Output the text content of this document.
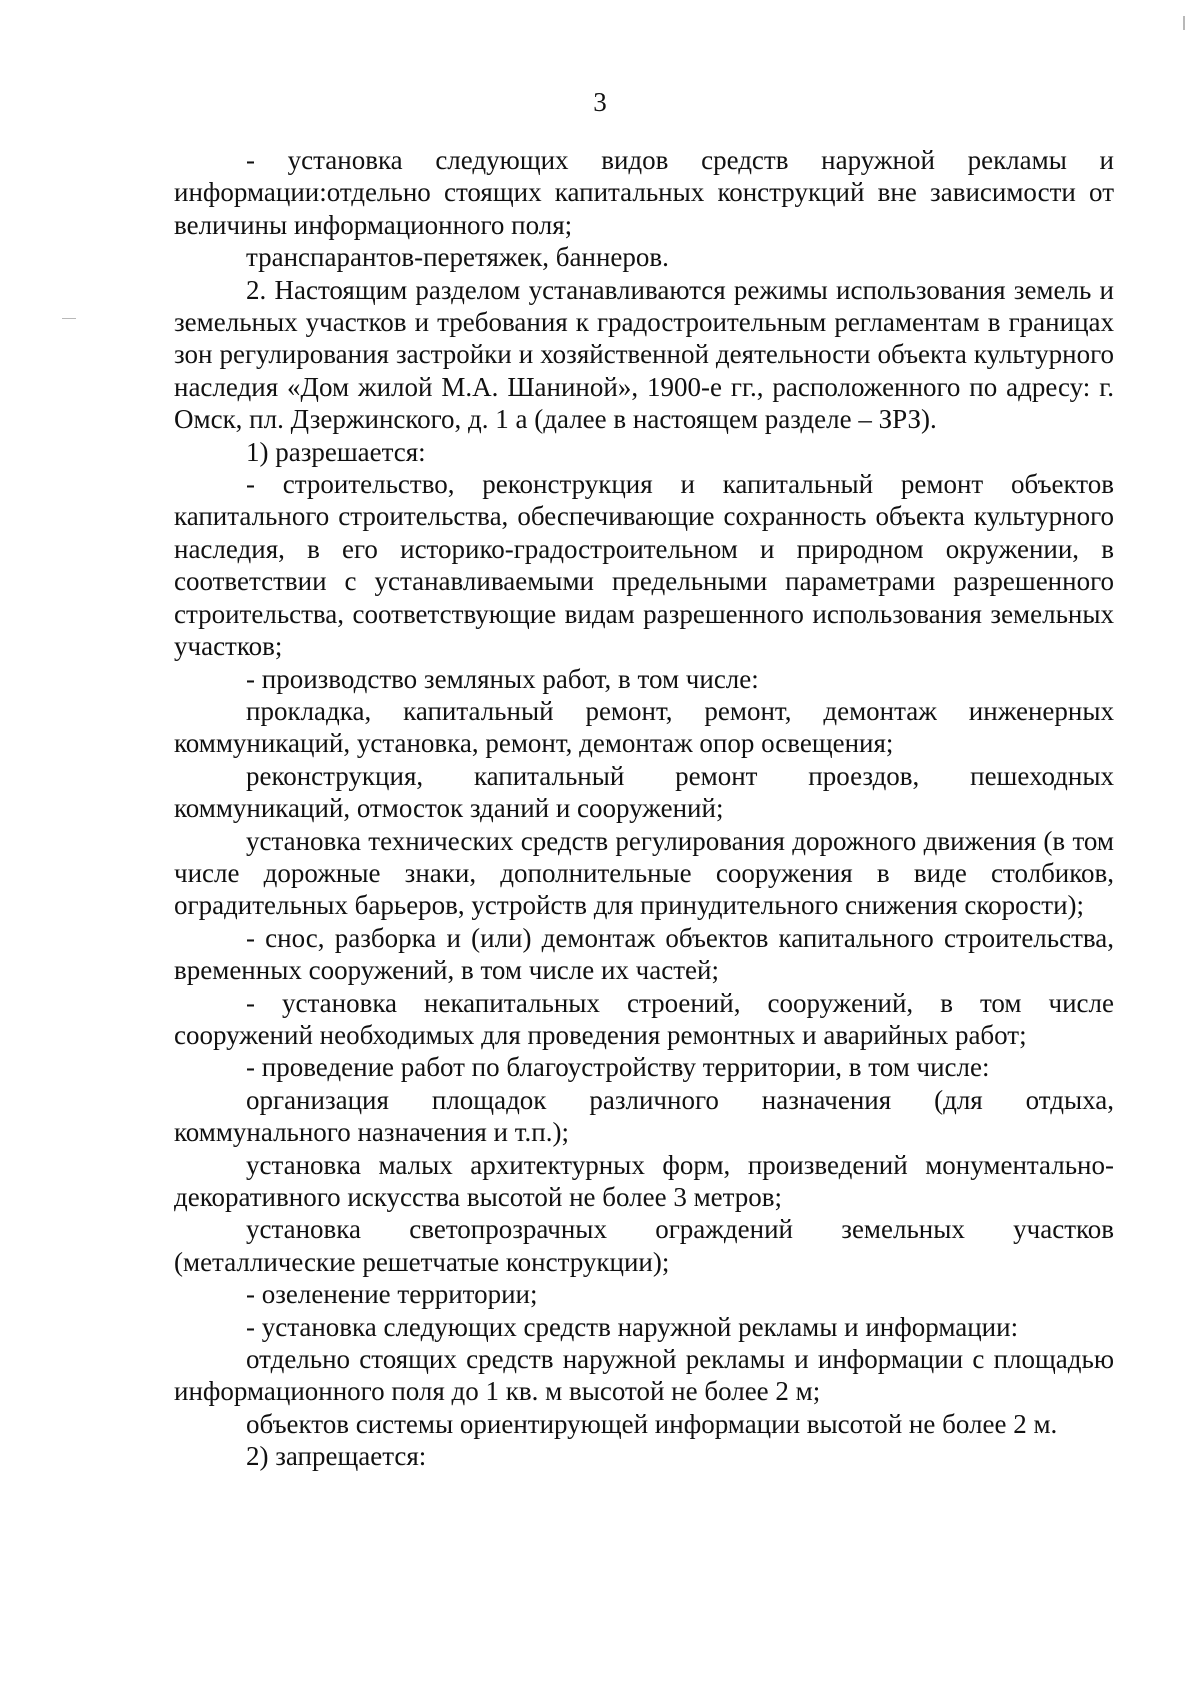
3

- установка следующих видов средств наружной рекламы и информации:отдельно стоящих капитальных конструкций вне зависимости от величины информационного поля;

транспарантов-перетяжек, баннеров.

2. Настоящим разделом устанавливаются режимы использования земель и земельных участков и требования к градостроительным регламентам в границах зон регулирования застройки и хозяйственной деятельности объекта культурного наследия «Дом жилой М.А. Шаниной», 1900-е гг., расположенного по адресу: г. Омск, пл. Дзержинского, д. 1 а (далее в настоящем разделе – ЗРЗ).

1) разрешается:

- строительство, реконструкция и капитальный ремонт объектов капитального строительства, обеспечивающие сохранность объекта культурного наследия, в его историко-градостроительном и природном окружении, в соответствии с устанавливаемыми предельными параметрами разрешенного строительства, соответствующие видам разрешенного использования земельных участков;

- производство земляных работ, в том числе:

прокладка, капитальный ремонт, ремонт, демонтаж инженерных коммуникаций, установка, ремонт, демонтаж опор освещения;

реконструкция, капитальный ремонт проездов, пешеходных коммуникаций, отмосток зданий и сооружений;

установка технических средств регулирования дорожного движения (в том числе дорожные знаки, дополнительные сооружения в виде столбиков, оградительных барьеров, устройств для принудительного снижения скорости);

- снос, разборка и (или) демонтаж объектов капитального строительства, временных сооружений, в том числе их частей;

- установка некапитальных строений, сооружений, в том числе сооружений необходимых для проведения ремонтных и аварийных работ;

- проведение работ по благоустройству территории, в том числе:

организация площадок различного назначения (для отдыха, коммунального назначения и т.п.);

установка малых архитектурных форм, произведений монументально-декоративного искусства высотой не более 3 метров;

установка светопрозрачных ограждений земельных участков (металлические решетчатые конструкции);

- озеленение территории;

- установка следующих средств наружной рекламы и информации:

отдельно стоящих средств наружной рекламы и информации с площадью информационного поля до 1 кв. м высотой не более 2 м;

объектов системы ориентирующей информации высотой не более 2 м.

2) запрещается:
